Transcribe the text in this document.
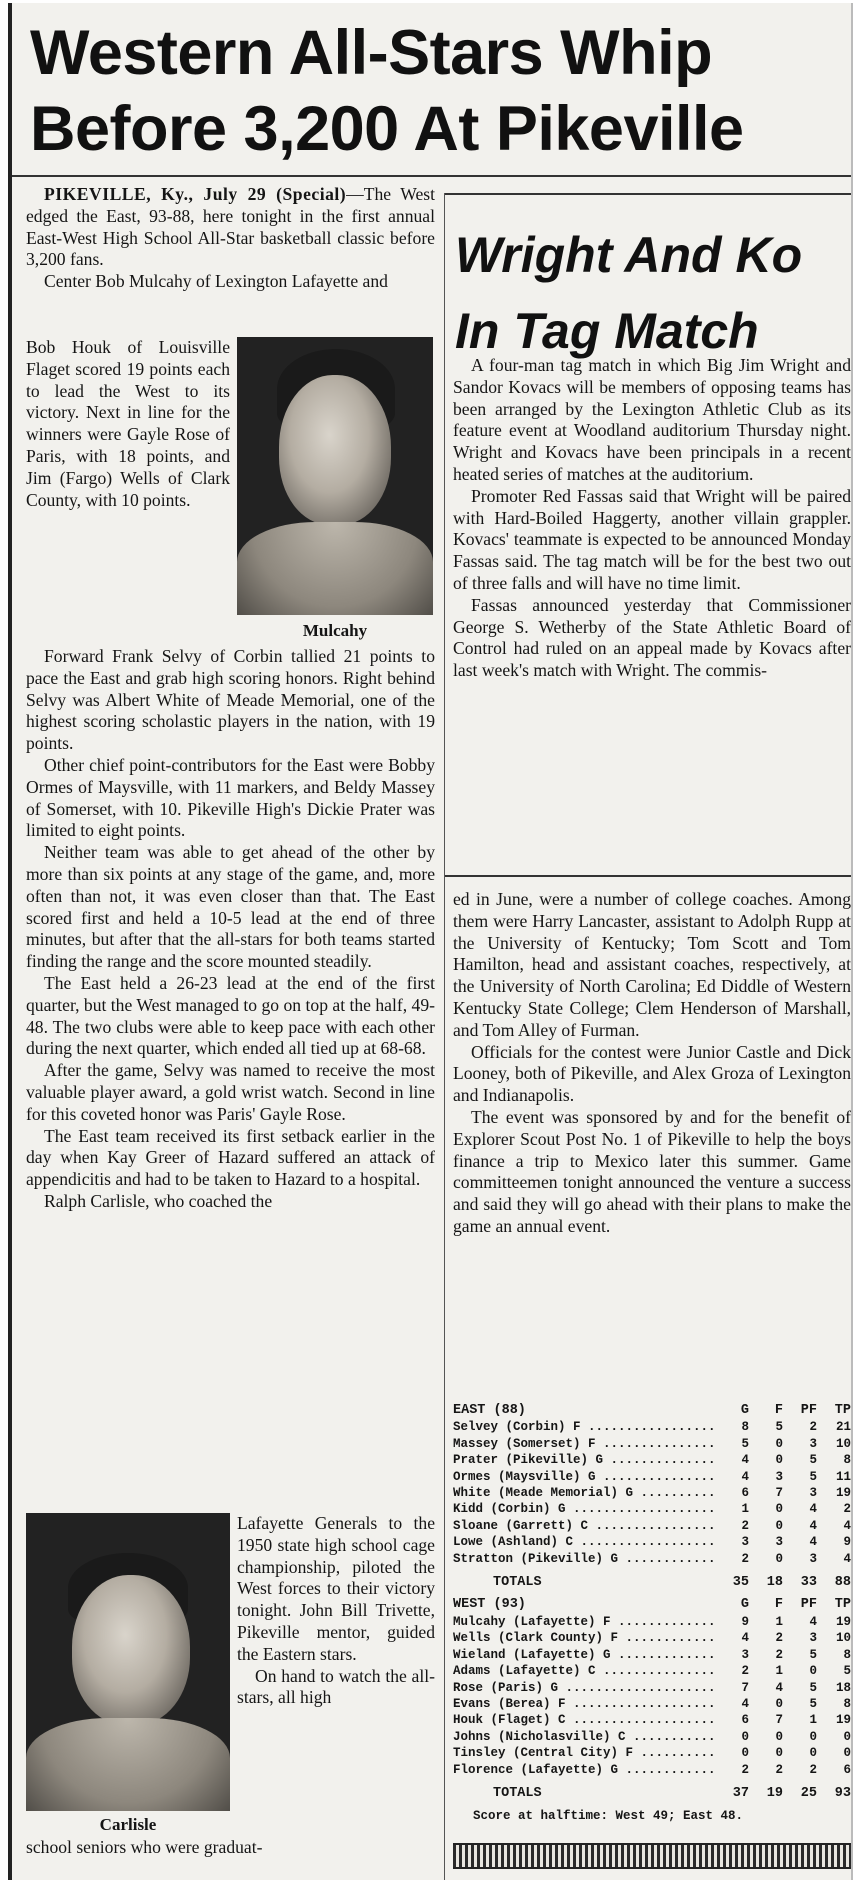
Western All-Stars Whip
Before 3,200 At Pikeville

PIKEVILLE, Ky., July 29 (Special)—The West edged the East, 93-88, here tonight in the first annual East-West High School All-Star basketball classic before 3,200 fans.

Center Bob Mulcahy of Lexington Lafayette and

Bob Houk of Louisville Flaget scored 19 points each to lead the West to its victory. Next in line for the winners were Gayle Rose of Paris, with 18 points, and Jim (Fargo) Wells of Clark County, with 10 points.

Mulcahy

Forward Frank Selvy of Corbin tallied 21 points to pace the East and grab high scoring honors. Right behind Selvy was Albert White of Meade Memorial, one of the highest scoring scholastic players in the nation, with 19 points.

Other chief point-contributors for the East were Bobby Ormes of Maysville, with 11 markers, and Beldy Massey of Somerset, with 10. Pikeville High's Dickie Prater was limited to eight points.

Neither team was able to get ahead of the other by more than six points at any stage of the game, and, more often than not, it was even closer than that. The East scored first and held a 10-5 lead at the end of three minutes, but after that the all-stars for both teams started finding the range and the score mounted steadily.

The East held a 26-23 lead at the end of the first quarter, but the West managed to go on top at the half, 49-48. The two clubs were able to keep pace with each other during the next quarter, which ended all tied up at 68-68.

After the game, Selvy was named to receive the most valuable player award, a gold wrist watch. Second in line for this coveted honor was Paris' Gayle Rose.

The East team received its first setback earlier in the day when Kay Greer of Hazard suffered an attack of appendicitis and had to be taken to Hazard to a hospital.

Ralph Carlisle, who coached the

Carlisle

Lafayette Generals to the 1950 state high school cage championship, piloted the West forces to their victory tonight. John Bill Trivette, Pikeville mentor, guided the Eastern stars.

On hand to watch the all-stars, all high

school seniors who were graduat-

Wright And Ko
In Tag Match

A four-man tag match in which Big Jim Wright and Sandor Kovacs will be members of opposing teams has been arranged by the Lexington Athletic Club as its feature event at Woodland auditorium Thursday night. Wright and Kovacs have been principals in a recent heated series of matches at the auditorium.

Promoter Red Fassas said that Wright will be paired with Hard-Boiled Haggerty, another villain grappler. Kovacs' teammate is expected to be announced Monday Fassas said. The tag match will be for the best two out of three falls and will have no time limit.

Fassas announced yesterday that Commissioner George S. Wetherby of the State Athletic Board of Control had ruled on an appeal made by Kovacs after last week's match with Wright. The commis-

ed in June, were a number of college coaches. Among them were Harry Lancaster, assistant to Adolph Rupp at the University of Kentucky; Tom Scott and Tom Hamilton, head and assistant coaches, respectively, at the University of North Carolina; Ed Diddle of Western Kentucky State College; Clem Henderson of Marshall, and Tom Alley of Furman.

Officials for the contest were Junior Castle and Dick Looney, both of Pikeville, and Alex Groza of Lexington and Indianapolis.

The event was sponsored by and for the benefit of Explorer Scout Post No. 1 of Pikeville to help the boys finance a trip to Mexico later this summer. Game committeemen tonight announced the venture a success and said they will go ahead with their plans to make the game an annual event.

EAST (88)	G	F	PF	TP
Selvey (Corbin) F .....	8	5	2	21
Massey (Somerset) F .....	5	0	3	10
Prater (Pikeville) G .....	4	0	5	8
Ormes (Maysville) G .....	4	3	5	11
White (Meade Memorial) G .....	6	7	3	19
Kidd (Corbin) G .....	1	0	4	2
Sloane (Garrett) C .....	2	0	4	4
Lowe (Ashland) C .....	3	3	4	9
Stratton (Pikeville) G .....	2	0	3	4
TOTALS	35	18	33	88
WEST (93)	G	F	PF	TP
Mulcahy (Lafayette) F .....	9	1	4	19
Wells (Clark County) F .....	4	2	3	10
Wieland (Lafayette) G .....	3	2	5	8
Adams (Lafayette) C .....	2	1	0	5
Rose (Paris) G .....	7	4	5	18
Evans (Berea) F .....	4	0	5	8
Houk (Flaget) C .....	6	7	1	19
Johns (Nicholasville) C .....	0	0	0	0
Tinsley (Central City) F .....	0	0	0	0
Florence (Lafayette) G .....	2	2	2	6
TOTALS	37	19	25	93
Score at halftime: West 49; East 48.
